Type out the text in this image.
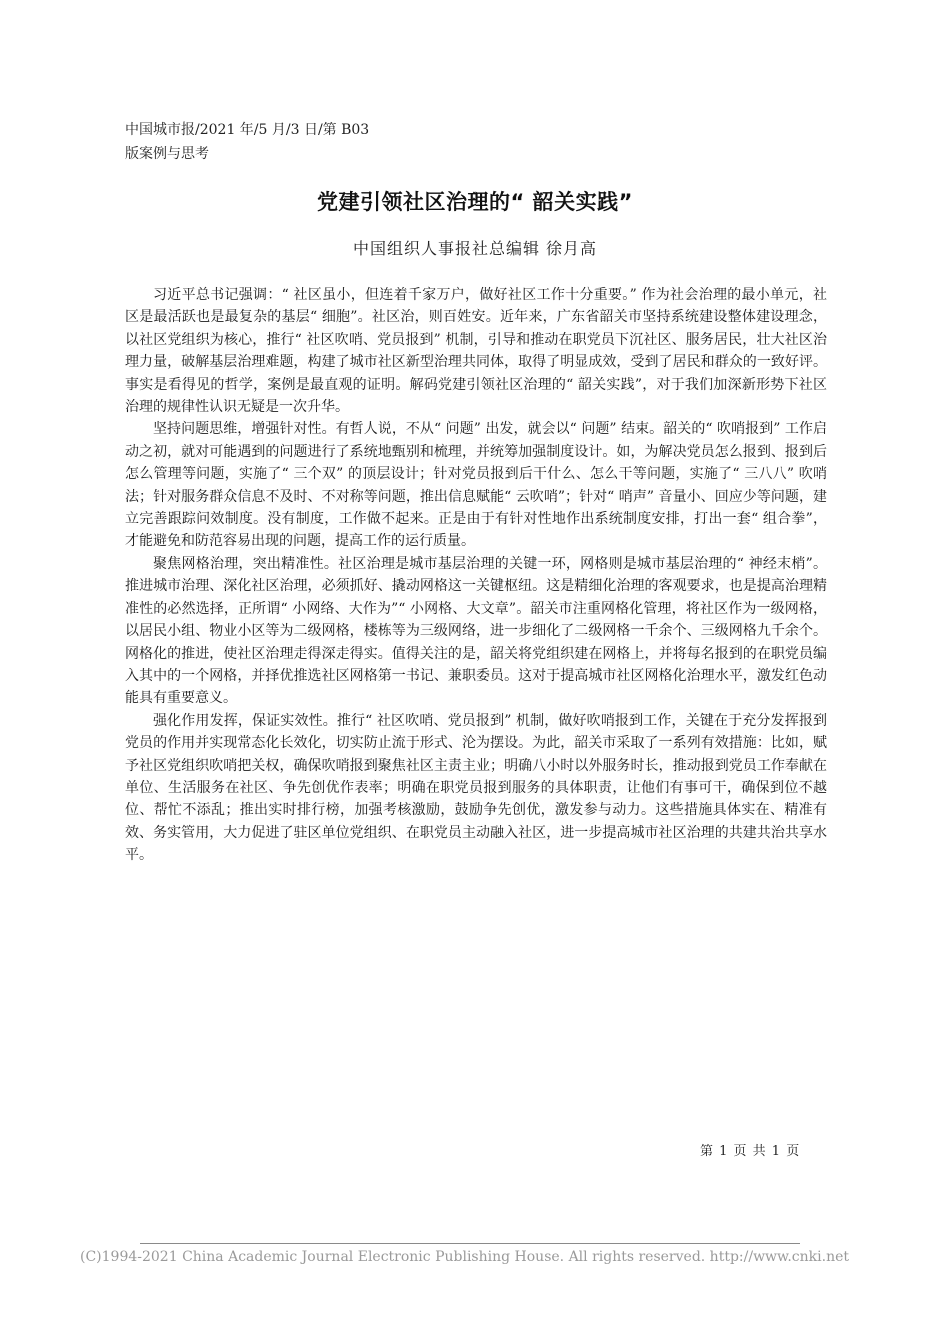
中国城市报/2021 年/5 月/3 日/第 B03
版案例与思考
党建引领社区治理的“ 韶关实践”
中国组织人事报社总编辑 徐月高

习近平总书记强调：“ 社区虽小，但连着千家万户，做好社区工作十分重要。” 作为社会治理的最小单元，社区是最活跃也是最复杂的基层“ 细胞”。社区治，则百姓安。近年来，广东省韶关市坚持系统建设整体建设理念，以社区党组织为核心，推行“ 社区吹哨、党员报到” 机制，引导和推动在职党员下沉社区、服务居民，壮大社区治理力量，破解基层治理难题，构建了城市社区新型治理共同体，取得了明显成效，受到了居民和群众的一致好评。事实是看得见的哲学，案例是最直观的证明。解码党建引领社区治理的“ 韶关实践”，对于我们加深新形势下社区治理的规律性认识无疑是一次升华。

坚持问题思维，增强针对性。有哲人说，不从“ 问题” 出发，就会以“ 问题” 结束。韶关的“ 吹哨报到” 工作启动之初，就对可能遇到的问题进行了系统地甄别和梳理，并统筹加强制度设计。如，为解决党员怎么报到、报到后怎么管理等问题，实施了“ 三个双” 的顶层设计；针对党员报到后干什么、怎么干等问题，实施了“ 三八八” 吹哨法；针对服务群众信息不及时、不对称等问题，推出信息赋能“ 云吹哨”；针对“ 哨声” 音量小、回应少等问题，建立完善跟踪问效制度。没有制度，工作做不起来。正是由于有针对性地作出系统制度安排，打出一套“ 组合拳”，才能避免和防范容易出现的问题，提高工作的运行质量。

聚焦网格治理，突出精准性。社区治理是城市基层治理的关键一环，网格则是城市基层治理的“ 神经末梢”。推进城市治理、深化社区治理，必须抓好、撬动网格这一关键枢纽。这是精细化治理的客观要求，也是提高治理精准性的必然选择，正所谓“ 小网络、大作为”“ 小网格、大文章”。韶关市注重网格化管理，将社区作为一级网格，以居民小组、物业小区等为二级网格，楼栋等为三级网络，进一步细化了二级网格一千余个、三级网格九千余个。网格化的推进，使社区治理走得深走得实。值得关注的是，韶关将党组织建在网格上，并将每名报到的在职党员编入其中的一个网格，并择优推选社区网格第一书记、兼职委员。这对于提高城市社区网格化治理水平，激发红色动能具有重要意义。

强化作用发挥，保证实效性。推行“ 社区吹哨、党员报到” 机制，做好吹哨报到工作，关键在于充分发挥报到党员的作用并实现常态化长效化，切实防止流于形式、沦为摆设。为此，韶关市采取了一系列有效措施：比如，赋予社区党组织吹哨把关权，确保吹哨报到聚焦社区主责主业；明确八小时以外服务时长，推动报到党员工作奉献在单位、生活服务在社区、争先创优作表率；明确在职党员报到服务的具体职责，让他们有事可干，确保到位不越位、帮忙不添乱；推出实时排行榜，加强考核激励，鼓励争先创优，激发参与动力。这些措施具体实在、精准有效、务实管用，大力促进了驻区单位党组织、在职党员主动融入社区，进一步提高城市社区治理的共建共治共享水平。

第 1 页 共 1 页
(C)1994-2021 China Academic Journal Electronic Publishing House. All rights reserved. http://www.cnki.net
